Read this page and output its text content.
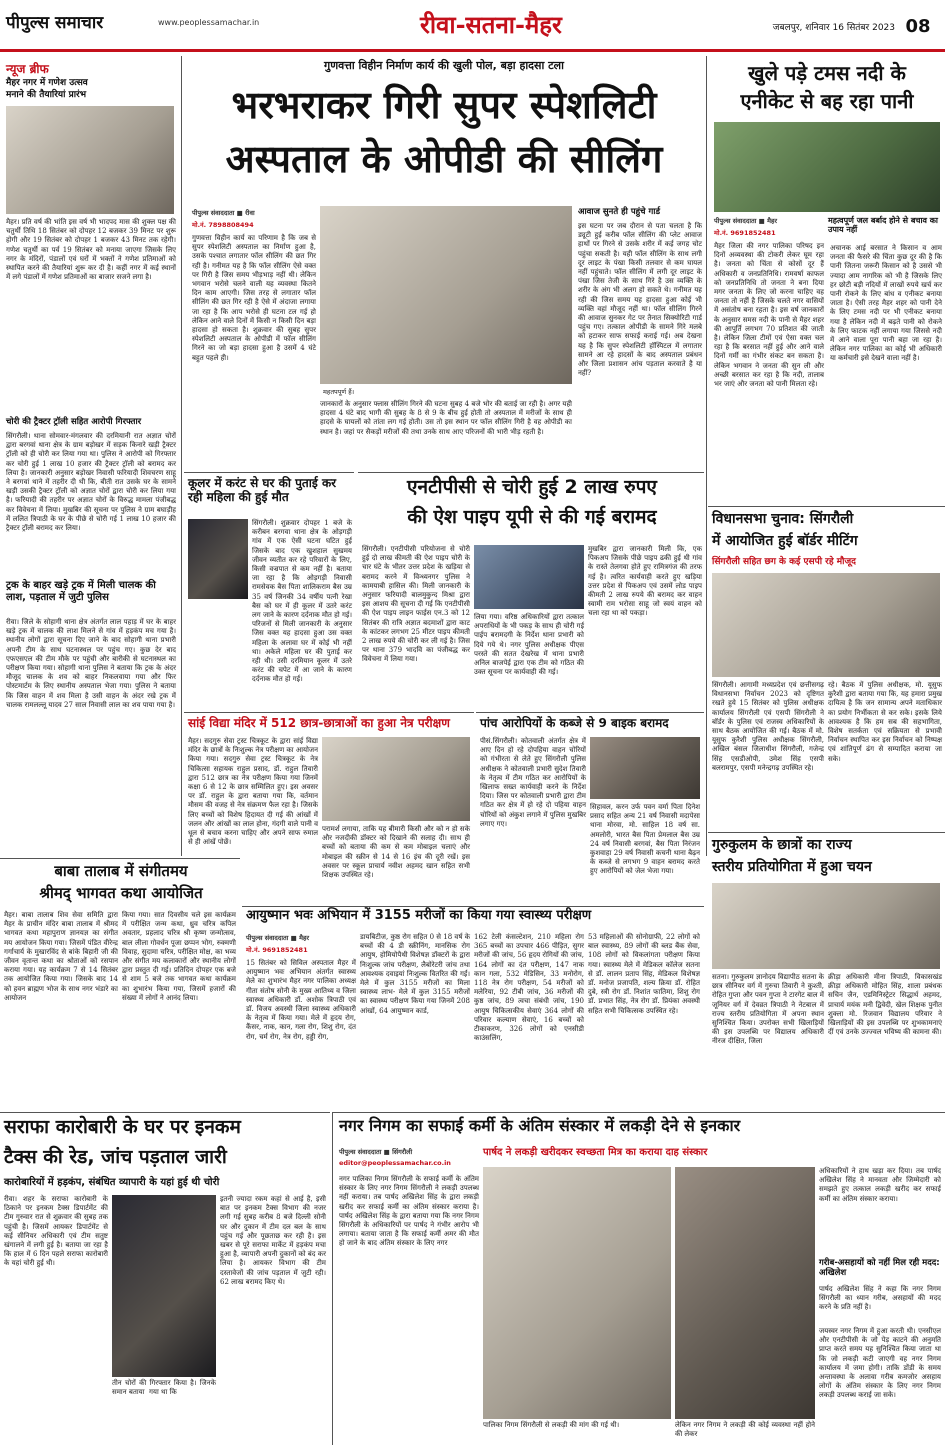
पीपुल्स समाचार	www.peoplessamachar.in	रीवा-सतना-मैहर	जबलपुर, शनिवार 16 सितंबर 2023 08
न्यूज ब्रीफ
मैहर नगर में गणेश उत्सव
मनाने की तैयारियां प्रारंभ
मैहर। प्रति वर्ष की भांति इस वर्ष भी भादपद मास की शुक्ल पक्ष की चतुर्थी तिथि 18 सितंबर को दोपहर 12 बजकर 39 मिनट पर शुरू होगी और 19 सितंबर को दोपहर 1 बजकर 43 मिनट तक रहेगी। गणेश चतुर्थी का पर्व 19 सितंबर को मनाया जाएगा जिसके लिए नगर के मंदिरों, पंडालों एवं घरों में भक्तों ने गणेश प्रतिमाओं को स्थापित करने की तैयारियां शुरू कर दी है। कहीं नगर में कई स्थानों में लगे पंडालों में गणेश प्रतिमाओं का बाजार सजने लगा है।
चोरी की ट्रैक्टर ट्रॉली सहित आरोपी गिरफ्तार
सिंगरौली। थाना सोमवार-मंगलवार की दरमियानी रात अज्ञात चोरों द्वारा बरगवां थाना क्षेत्र के ग्राम बड़ोखर में सड़क किनारे खड़ी ट्रैक्टर ट्रॉली को ही चोरी कर लिया गया था। पुलिस ने आरोपी को गिरफ्तार कर चोरी हुई 1 लाख 10 हजार की ट्रैक्टर ट्रॉली को बरामद कर लिया है। जानकारी अनुसार बड़ोखर निवासी फरियादी शिवचरण साहू ने बरगवां थाने में तहरीर दी थी कि, बीती रात उसके घर के सामने खड़ी उसकी ट्रैक्टर ट्रॉली को अज्ञात चोरों द्वारा चोरी कर लिया गया है। फरियादी की तहरीर पर अज्ञात चोरों के विरुद्ध मामला पंजीबद्ध कर विवेचना में लिया। मुखबिर की सूचना पर पुलिस ने ग्राम बघाड़ीह में ललित त्रिपाठी के घर के पीछे से चोरी गई 1 लाख 10 हजार की ट्रैक्टर ट्रॉली बरामद कर लिया।
ट्रक के बाहर खड़े ट्रक में मिली चालक की लाश, पड़ताल में जुटी पुलिस
रीवा। जिले के सोहागी थाना क्षेत्र अंतर्गत लाल पहाड़ में घर के बाहर खड़े ट्रक में चालक की लाश मिलने से गांव में हड़कंप मच गया है। स्थानीय लोगों द्वारा सूचना दिए जाने के बाद सोहागी थाना प्रभारी अपनी टीम के साथ घटनास्थल पर पहुंच गए। कुछ देर बाद एफएसएल की टीम मौके पर पहुंची और बारीकी से घटनास्थल का परीक्षण किया गया। सोहागी थाना पुलिस ने बताया कि ट्रक के अंदर मौजूद चालक के शव को बाहर निकलवाया गया और फिर पोस्टमार्टम के लिए स्थानीय अस्पताल भेजा गया। पुलिस ने बताया कि जिस वाहन में शव मिला है उसी वाहन के अंदर रखे ट्रक में चालक रामलल्लू यादव 27 साल निवासी लाल का शव पाया गया है।
गुणवत्ता विहीन निर्माण कार्य की खुली पोल, बड़ा हादसा टला
भरभराकर गिरी सुपर स्पेशलिटी
अस्पताल के ओपीडी की सीलिंग
पीपुल्स संवाददाता ■ रीवा
मो.नं. 7898808494
गुणवत्ता विहीन कार्य का परिणाम है कि जब से सुपर स्पेशलिटी अस्पताल का निर्माण हुआ है, उसके पश्चात लगातार फॉल सीलिंग की छत गिर रही है। गनीमत यह है कि फॉल सीलिंग ऐसे वक्त पर गिरी है जिस समय भीड़भाड़ नहीं थी। लेकिन भगवान भरोसे चलने वाली यह व्यवस्था कितने दिन काम आएगी। जिस तरह से लगातार फॉल सीलिंग की छत गिर रही है ऐसे में अंदाजा लगाया जा रहा है कि आप भरोसे ही घटना टल गई हो लेकिन आने वाले दिनों में किसी न किसी दिन बड़ा हादसा हो सकता है। शुक्रवार की सुबह सुपर स्पेशलिटी अस्पताल के ओपीडी में फॉल सीलिंग गिरने का जो बड़ा हादसा हुआ है उसमें 4 घंटे बहुत पहले ही।
महतपपूर्ण हैं।
जानकारों के अनुसार फ्लास सीलिंग गिरने की घटना सुबह 4 बजे भोर की बताई जा रही है। अगर यही हादसा 4 घंटे बाद भागी की सुबह के 8 से 9 के बीच हुई होती तो अस्पताल में मरीजों के साथ ही हादसे के घायलों को तांता लग गई होती। उस तो इस स्थान पर फॉल सीलिंग गिरी है वह ओपीडी का स्थान है। जहां पर सैकड़ों मरीजों की तथा उनके साथ आए परिजनों की भारी भीड़ रहती है।
आवाज सुनते ही पहुंचे गार्ड
इस घटना पर जब दौरान से पता चलता है कि ड्यूटी हुई करीब फॉल सीलिंग की प्लेट आवाज हाथों पर गिरने से उसके शरीर में कई जगह चोट पहुंचा सकती है। यही फॉल सीलिंग के साथ लगी दूर लाइट के पंखा किसी तलवार से कम घायल नहीं पहुंचाते। फॉल सीलिंग में लगी दूर लाइट के पंखा जिस तेजी के साथ गिरे है उस व्यक्ति के शरीर के अंग भी अलग हो सकते थे। गनीमत यह रही की जिस समय यह हादसा हुआ कोई भी व्यक्ति वहां मौजूद नहीं था। फॉल सीलिंग गिरने की आवाज सुनकर गेट पर तैनात सिक्योरिटी गार्ड पहुंच गए। तत्काल ओपीडी के सामने गिरे मलबे को हटाकर साफ सफाई कराई गई। अब देखना यह है कि सुपर स्पेशलिटी हॉस्पिटल में लगातार सामने आ रहे हादसों के बाद अस्पताल प्रबंधन और जिला प्रशासन आंच पड़ताल करवाते है या नहीं?
खुले पड़े टमस नदी के
एनीकेट से बह रहा पानी
पीपुल्स संवाददाता ■ मैहर
मो.नं. 9691852481
महत्वपूर्ण जल बर्बाद होने से बचाव का उपाय नहीं
मैहर जिला की नगर पालिका परिषद इन दिनों अव्यवस्था की टोकरी लेकर घूम रहा है। जनता को चिंता से कोसों दूर हैं अधिकारी व जनप्रतिनिधि। रामवर्षा काफल को जनप्रतिनिधि तो जनता ने बना दिया मगर जनता के लिए जो करना चाहिए वह जनता तो नहीं है जिसके चलते नगर वासियों में असंतोष बना रहता है। इस वर्ष जानकारों के अनुसार समस नदी के पानी से मैहर शहर की आपूर्ति लगभग 70 प्रतिशत की जाती है। लेकिन जिला टीमों एवं ऐसा वक्त चल रहा है कि बरसात नहीं हुई और आने वाले दिनों गर्मी का गंभीर संकट बन सकता है। लेकिन भगवान ने जनता की सुन ली और अच्छी बरसात कर रहा है कि नदी, तालाब भर जाएं और जनता को पानी मिलता रहे।
अचानक आई बरसात ने किसान व आम जनता की फैसरे की चिंता कुछ दूर की है कि पानी जितना जरूरी किसान को है उससे भी ज्यादा आम नागरिक को भी है जिसके लिए हर छोटी बड़ी नदियों में लाखों रुपये खर्च कर पानी रोकने के लिए बांध व एनीकट बनाया जाता है। ऐसी तरह मैहर शहर को पानी देने के लिए टमस नदी पर भी एनीकट बनाया गया है लेकिन नदी में बढ़ते पानी को रोकने के लिए फाटक नहीं लगाया गया जिससे नदी में आने वाला पूरा पानी बहा जा रहा है। लेकिन नगर पालिका का कोई भी अधिकारी या कर्मचारी इसे देखने वाला नहीं है।
कूलर में करंट से घर की पुताई कर रही महिला की हुई मौत
सिंगरौली। शुक्रवार दोपहर 1 बजे के करीबन बरगवा थाना क्षेत्र के ओड़गड़ी गांव में एक ऐसी घटना घटित हुई जिसके बाद एक खुशहाल सुखमय जीवन व्यतीत कर रहे परिवारों के लिए, किसी वज्रपात से कम नहीं है। बताया जा रहा है कि ओड़गड़ी निवासी रामसेवक बैस पिता शालिकराम बैस उम्र 35 वर्ष जिनकी 34 वर्षीय पत्नी रेखा बैस को घर में ही कूलर में उतरे करंट लग जाने के कारण दर्दनाक मौत हो गई। परिजनों से मिली जानकारी के अनुसार जिस वक्त यह हादसा हुआ उस वक्त महिला के अलावा घर में कोई भी नहीं था। अकेले महिला घर की पुताई कर रही थी। उसी दरमियान कूलर में उतरे करंट की चपेट में आ जाने के कारण दर्दनाक मौत हो गई।
एनटीपीसी से चोरी हुई 2 लाख रुपए
की ऐश पाइप यूपी से की गई बरामद
सिंगरौली। एनटीपीसी परियोजना से चोरी हुई दो लाख कीमती की ऐश पाइप चोरी के चार घंटे के भीतर उत्तर प्रदेश के खड़िया से बरामद करने में विन्ध्यनगर पुलिस ने कामयाबी हासिल की। मिली जानकारी के अनुसार फरियादी बालमुकुन्द मिश्रा द्वारा इस आशय की सूचना दी गई कि एनटीपीसी की ऐश पाइप लाइन फाईस एन.3 को 12 सितंबर की रात्रि अज्ञात बदमाशों द्वारा काट के कांटकर लगभग 25 मीटर पाइप कीमती 2 लाख रुपये की चोरी कर ली गई है। जिस पर थाना 379 भादवि का पंजीबद्ध कर विवेचना में लिया गया।
लिया गया। वरिष्ठ अधिकारियों द्वारा तत्काल अपराधियों के भी पकड़ के साथ ही चोरी गई पाईप बरामदगी के निर्देश थाना प्रभारी को दिये गये थे। नगर पुलिस अधीक्षक पीएस परस्ते की सतत देखरेख में थाना प्रभारी अनिल बाजपेई द्वारा एक टीम को गठित की उक्त सूचना पर कार्यवाही की गई।
मुखबिर द्वारा जानकारी मिली कि, एक पिकअप जिसके पीछे पाइप ढकी हुई थी गांव के रास्ते तेलगवा होते हुए रामित्रगंज की तरफ गई है। त्वरित कार्यवाही करते हुए खड़िया उत्तर प्रदेश से पिकअप एवं उसमें लोड पाइप कीमती 2 लाख रुपये की बरामद कर वाहन स्वामी राम भरोसा साहू जो स्वयं वाहन को चला रहा था को पकड़ा।
विधानसभा चुनाव: सिंगरौली
में आयोजित हुई बॉर्डर मीटिंग
सिंगरौली सहित छग के कई एसपी रहे मौजूद
सिंगरौली। आगामी मध्यप्रदेश एवं छत्तीसगढ़ विधानसभा निर्वाचन 2023 को दृष्टिगत रखते हुये 15 सितंबर को पुलिस अधीक्षक कार्यालय सिंगरौली एवं एसपी सिंगरौली ने बॉर्डर के पुलिस एवं राजस्व अधिकारियों के साथ बैठक आयोजित की गई। बैठक में मो. यूसुफ कुरैशी पुलिस अधीक्षक सिंगरौली, अखिल बंसल जिलाधीश सिंगरौली, गजेन्द्र सिंह एसडीओपी, उमेश सिंह एसपी बलरामपुर, एसपी मनेन्द्रगढ़ उपस्थित रहे।
रहे। बैठक में पुलिस अधीक्षक, मो. यूसुफ कुरैशी द्वारा बताया गया कि, यह हमारा प्रमुख दायित्व है कि जन सामान्य अपने मताधिकार का प्रयोग निर्भीकता से कर सके। इसके लिये आवश्यक है कि हम सब की सहभागिता, विशेष सतर्कता एवं सक्रियता से प्रभावी निर्वाचन स्थापित कर इस निर्वाचन को निष्पक्ष एवं शांतिपूर्ण ढंग से सम्पादित कराया जा सके।
सांई विद्या मंदिर में 512 छात्र-छात्राओं का हुआ नेत्र परीक्षण
मैहर। सदगुरु सेवा ट्रस्ट चित्रकूट के द्वारा सांई विद्या मंदिर के छात्रों के निःशुल्क नेत्र परीक्षण का आयोजन किया गया। सदगुरु सेवा ट्रस्ट चित्रकूट के नेत्र चिकित्सा सहायक राहुल प्रसाद, डॉ. राहुल तिवारी द्वारा 512 छात्र का नेत्र परीक्षण किया गया जिनमें कक्षा 6 से 12 के छात्र सम्मिलित हुए। इस अवसर पर डॉ. राहुल के द्वारा बताया गया कि, वर्तमान मौसम की वजह से नेत्र संक्रमण फैल रहा है। जिसके लिए बच्चों को विशेष हिदायत दी गई की आंखों में जलन और आंखों का लाल होना, गंदगी वाले पानी व धूल से बचाव करना चाहिए और अपने साफ रुमाल से ही आंखें पोछें।
परामर्श लगाया, ताकि यह बीमारी किसी और को न हो सके और नजदीकी डॉक्टर को दिखाने की सलाह दी। साथ ही बच्चों को बताया की कम से कम मोबाइल चलाएं और मोबाइल की स्क्रीन से 14 से 16 इंच की दूरी रखें। इस अवसर पर स्कूल प्राचार्य नवीश अहमद खान सहित सभी शिक्षक उपस्थित रहे।
पांच आरोपियों के कब्जे से 9 बाइक बरामद
पीसं.सिंगरौली। कोतवाली अंतर्गत क्षेत्र में आए दिन हो रहे दोपहिया वाहन चोरियों को गंभीरता से लेते हुए सिंगरौली पुलिस अधीक्षक ने कोतवाली प्रभारी सुदेश तिवारी के नेतृत्व में टीम गठित कर आरोपियों के खिलाफ सख्त कार्यवाही करने के निर्देश दिया। जिस पर कोतवाली प्रभारी द्वारा टीम गठित कर क्षेत्र में हो रहे दो पहिया वाहन चोरियों को अंकुश लगाने में पुलिस मुखबिर लगाए गए।
सिहावल, करन उर्फ पवन वर्मा पिता दिनेश प्रसाद सहित अन्य 21 वर्ष निवासी मदापेसा थाना मोरवा, मो. साहिल 18 वर्ष सा. अमलोरी, भारत बैस पिता प्रेमलाल बैस उम्र 24 वर्ष निवासी बरगवां, बैस पिता निरंजन कुशवाहा 29 वर्ष निवासी कचनी थाना बैढ़न के कब्जे से लगभग 9 वाहन बरामद करते हुए आरोपियों को जेल भेजा गया।
गुरुकुलम के छात्रों का राज्य
स्तरीय प्रतियोगिता में हुआ चयन
सतना। गुरुकुलम ज्ञानोदय विद्यापीठ सतना के छात्र सीनियर वर्ग में गुरुचा तिवारी ने कुश्ती, रोहित गुप्ता और पवन गुप्ता ने टारगेट बाल में जूनियर वर्ग में देवव्रत त्रिपाठी ने नेटबाल में राज्य स्तरीय प्रतियोगिता में अपना स्थान सुनिश्चित किया। उपरोक्त सभी खिलाड़ियों की इस उपलब्धि पर विद्यालय अधिकारी नीरज दीक्षित, जिला
क्रीड़ा अधिकारी मीना त्रिपाठी, विकासखंड क्रीड़ा अधिकारी मोहित सिंह, शाला प्रबंधक सचिन जैन, एडमिनिस्ट्रेटर सिद्धार्थ अहमद, प्राचार्य मयंक मनी द्विवेदी, खेल शिक्षक पुनीत शुक्ला मो. रिजवान विद्यालय परिवार ने खिलाड़ियों की इस उपलब्धि पर शुभकामनाएं दीं एवं उनके उज्ज्वल भविष्य की कामना की।
बाबा तालाब में संगीतमय
श्रीमद् भागवत कथा आयोजित
मैहर। बाबा तालाब शिव सेवा समिति द्वारा मैहर के प्राचीन मंदिर बाबा तालाब में श्रीमद भागवत कथा महापुराण ज्ञानयज्ञ का संगीत मय आयोजन किया गया। जिसमें पंडित वीरेन्द्र गर्गाचार्य के मुखारविंद से बांके बिहारी जी की जीवन वृतान्त कथा का श्रोताओं को रसपान कराया गया। यह कार्यक्रम 7 से 14 सितंबर तक आयोजित किया गया। जिसके बाद 14 को हवन ब्राह्मण भोज के साथ नगर भंडारे का आयोजन
किया गया। सात दिवसीय चले इस कार्यक्रम में परीक्षित जन्म कथा, ध्रुव चरित्र कपिल अवतार, प्रहलाद चरित्र श्री कृष्ण जन्मोत्सव, बाल लीला गोवर्धन पूजा छप्पन भोग, रुक्मणी विवाह, सुदामा चरित्र, परीक्षित मोक्ष, का भव्य और संगीत मय कलाकारों और स्थानीय लोगों द्वारा प्रस्तुत दी गई। प्रतिदिन दोपहर एक बजे से शाम 5 बजे तक भागवत कथा कार्यक्रम का शुभारंभ किया गया, जिसमें हजारों की संख्या में लोगों ने आनंद लिया।
आयुष्मान भवः अभियान में 3155 मरीजों का किया गया स्वास्थ्य परीक्षण
पीपुल्स संवाददाता ■ मैहर
मो.नं. 9691852481
15 सितंबर को सिविल अस्पताल मैहर में आयुष्मान भवः अभियान अंतर्गत स्वास्थ्य मेले का शुभारंभ मैहर नगर पालिका अध्यक्ष गीता संतोष सोनी के मुख्य आतिथ्य व जिला स्वास्थ्य अधिकारी डॉ. अशोक त्रिपाठी एवं डॉ. विजय अवस्थी जिला स्वास्थ्य अधिकारी के नेतृत्व में किया गया। मेले में हृदय रोग, कैंसर, नाक, कान, गला रोग, शिशु रोग, दंत रोग, चर्म रोग, नेत्र रोग, हड्डी रोग,
डायबिटीज, कुष्ठ रोग सहित 0 से 18 वर्ष के बच्चों की 4 डी स्क्रीनिंग, मानसिक रोग आयुष, होमियोपैथी विशेषज्ञ डॉक्टरों के द्वारा निःशुल्क जांच परीक्षण, लैबोरेटरी जांच तथा आवश्यक दवाइयां निःशुल्क वितरित की गईं। मेले में कुल 3155 मरीजों का मिला स्वास्थ्य लाभ- मेले में कुल 3155 मरीजों का स्वास्थ्य परीक्षण किया गया जिनमें 208 आंखों, 64 आयुष्मान कार्ड,
162 टेली कंसल्टेशन, 210 महिला रोग 365 बच्चों का उपचार 466 पीड़ित, सुगर मरीजों की जांच, 56 हृदय रोगियों की जांच, 164 लोगों का दंत परीक्षण, 147 नाक कान गला, 532 मेडिसिन, 33 मनोरोग, 118 नेत्र रोग परीक्षण, 54 मरीजों को मलेरिया, 92 टीबी जांच, 36 मरीजों की कुष्ठ जांच, 89 त्वचा संबंधी जांच, 190 आयुष चिकित्सकीय सेवाएं 364 लोगों की परिवार कल्याण सेवाएं, 16 बच्चों को टीकाकरण, 326 लोगों को एनसीडी काउंसलिंग,
53 महिलाओं की सोनोग्राफी, 22 लोगों को बाल स्वास्थ्य, 89 लोगों की ब्लड बैंक सेवा, 108 लोगों को विकलांगता परीक्षण किया गया। स्वास्थ्य मेले में मेडिकल कॉलेज सतना से डॉ. लालन प्रताप सिंह, मेडिकल विशेषज्ञ डॉ. मनोज प्रजापति, शल्य क्रिया डॉ. रोहित दुबे, स्त्री रोग डॉ. निशांत फातिमा, शिशु रोग डॉ. प्रभात सिंह, नेत्र रोग डॉ. प्रियंका अवस्थी सहित सभी चिकित्सक उपस्थित रहे।
सराफा कारोबारी के घर पर इनकम
टैक्स की रेड, जांच पड़ताल जारी
कारोबारियों में हड़कंप, संबंधित व्यापारी के यहां हुई थी चोरी
रीवा। शहर के सराफा कारोबारी के ठिकाने पर इनकम टैक्स डिपार्टमेंट की टीम गुरुवार रात से शुक्रवार की सुबह तक पहुंची है। जिसमें आयकर डिपार्टमेंट से कई सीनियर अधिकारी एवं टीम सतुष्ट खंगालने में लगी हुई है। बताया जा रहा है कि हाल में 6 दिन पहले सराफा कारोबारी के यहां चोरी हुई थी।
तीन चोरों की गिरफ्तार किया है। जिनके समान बताया  गया था कि
इतनी ज्यादा रकम कहां से आई है, इसी बात पर इनकम टैक्स विभाग की नजर लगी गई सुबह करीब 8 बजे दिल्ली सोनी घर और दुकान में टीम दल बल के साथ पहुंच गई और पूछताछ कर रही है। इस खबर से पूरे सराफा मार्केट में हड़कंप मचा हुआ है, व्यापारी अपनी दुकानों को बंद कर लिया है। आयकर विभाग की टीम दस्तावेजों की जांच पड़ताल में जुटी रही। 62 लाख बरामद किए थे।
नगर निगम का सफाई कर्मी के अंतिम संस्कार में लकड़ी देने से इनकार
पार्षद ने लकड़ी खरीदकर स्वच्छता मित्र का कराया दाह संस्कार
पीपुल्स संवाददाता ■ सिंगरौली
editor@peoplessamachar.co.in
नगर पालिका निगम सिंगरौली के सफाई कर्मी के अंतिम संस्कार के लिए नगर निगम सिंगरौली ने लकड़ी उपलब्ध नहीं कराया। तब पार्षद अखिलेश सिंह के द्वारा लकड़ी खरीद कर सफाई कर्मी का अंतिम संस्कार कराया है। पार्षद अखिलेश सिंह के द्वारा बताया गया कि नगर निगम सिंगरौली के अधिकारियों पर पार्षद ने गंभीर आरोप भी लगाया। बताया जाता है कि सफाई कर्मी अमर की मौत हो जाने के बाद अंतिम संस्कार के लिए नगर
पालिका निगम सिंगरौली से लकड़ी की मांग की गई थी।	लेकिन नगर निगम ने लकड़ी की कोई व्यवस्था नहीं होने की लेकर
अधिकारियों ने हाथ खड़ा कर दिया। तब पार्षद अखिलेश सिंह ने मानवता और जिम्मेदारी को समझते हुए तत्काल लकड़ी खरीद कर सफाई कर्मी का अंतिम संस्कार कराया।
गरीब-असहायों को नहीं मिल रही मदद: अखिलेश
पार्षद अखिलेश सिंह ने कहा कि नगर निगम सिंगरौली का ध्यान गरीब, असहायों की मदद करने के प्रति नहीं है।
जयस्वर नगर निगम में हुआ करती थी। एनसीएल और एनटीपीसी के जो पेड़ काटने की अनुमति प्राप्त करते समय यह सुनिश्चित किया जाता था कि जो लकड़ी कटी जाएगी वह नगर निगम कार्यालय में जमा होगी। ताकि डोंडी के समय अन्तावस्था के अलावा गरीब कमजोर असहाय लोगों के अंतिम संस्कार के लिए नगर निगम लकड़ी उपलब्ध कराई जा सके।
